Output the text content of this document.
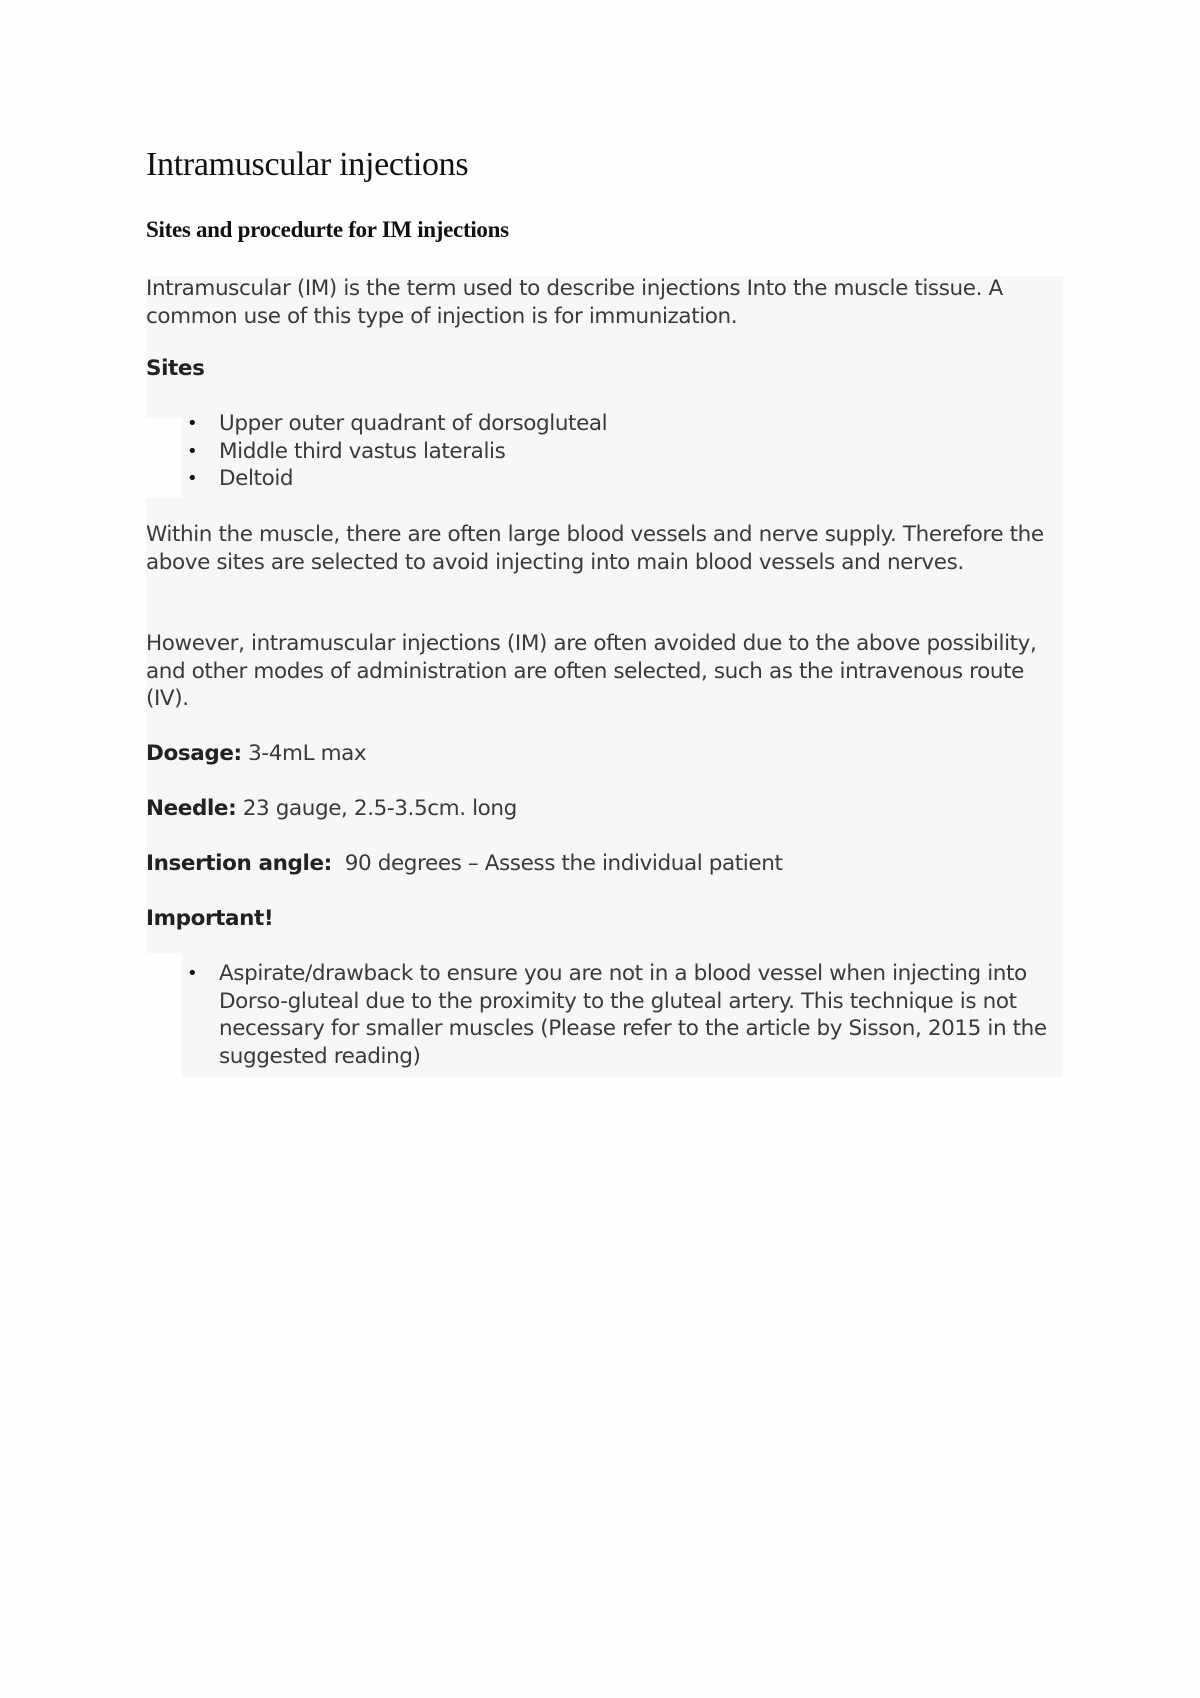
Intramuscular injections
Sites and procedurte for IM injections

Intramuscular (IM) is the term used to describe injections Into the muscle tissue. A common use of this type of injection is for immunization.

Sites
• Upper outer quadrant of dorsogluteal
• Middle third vastus lateralis
• Deltoid

Within the muscle, there are often large blood vessels and nerve supply. Therefore the above sites are selected to avoid injecting into main blood vessels and nerves.

However, intramuscular injections (IM) are often avoided due to the above possibility, and other modes of administration are often selected, such as the intravenous route (IV).

Dosage: 3-4mL max

Needle: 23 gauge, 2.5-3.5cm. long

Insertion angle: 90 degrees – Assess the individual patient

Important!
• Aspirate/drawback to ensure you are not in a blood vessel when injecting into Dorso-gluteal due to the proximity to the gluteal artery. This technique is not necessary for smaller muscles (Please refer to the article by Sisson, 2015 in the suggested reading)
